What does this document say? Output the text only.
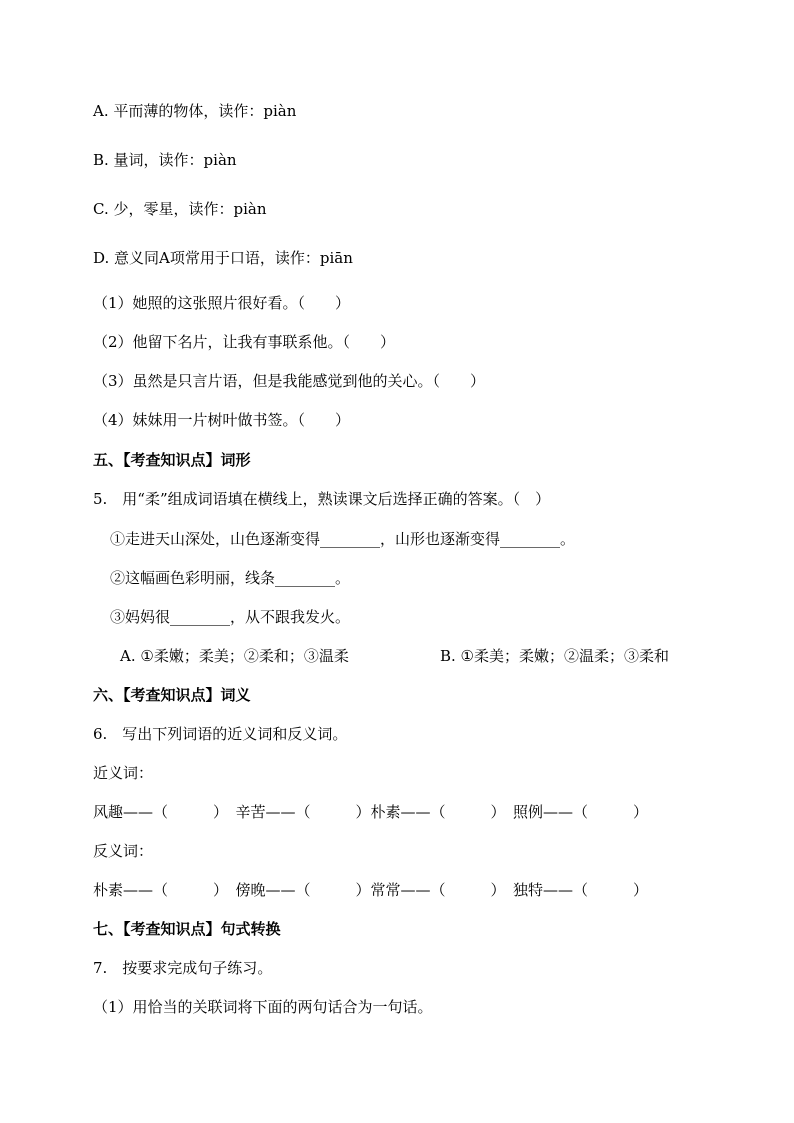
A. 平而薄的物体，读作：piàn
B. 量词，读作：piàn
C. 少，零星，读作：piàn
D. 意义同A项常用于口语，读作：piān
（1）她照的这张照片很好看。（　　）
（2）他留下名片，让我有事联系他。（　　）
（3）虽然是只言片语，但是我能感觉到他的关心。（　　）
（4）妹妹用一片树叶做书签。（　　）
五、【考查知识点】词形
5.　用“柔”组成词语填在横线上，熟读课文后选择正确的答案。（　）
①走进天山深处，山色逐渐变得________，山形也逐渐变得________。
②这幅画色彩明丽，线条________。
③妈妈很________，从不跟我发火。
A. ①柔嫩；柔美；②柔和；③温柔	B. ①柔美；柔嫩；②温柔；③柔和
六、【考查知识点】词义
6.　写出下列词语的近义词和反义词。
近义词：
风趣——（　　　）　辛苦——（　　　）朴素——（　　　）　照例——（　　　）
反义词：
朴素——（　　　）　傍晚——（　　　）常常——（　　　）　独特——（　　　）
七、【考查知识点】句式转换
7.　按要求完成句子练习。
（1）用恰当的关联词将下面的两句话合为一句话。
